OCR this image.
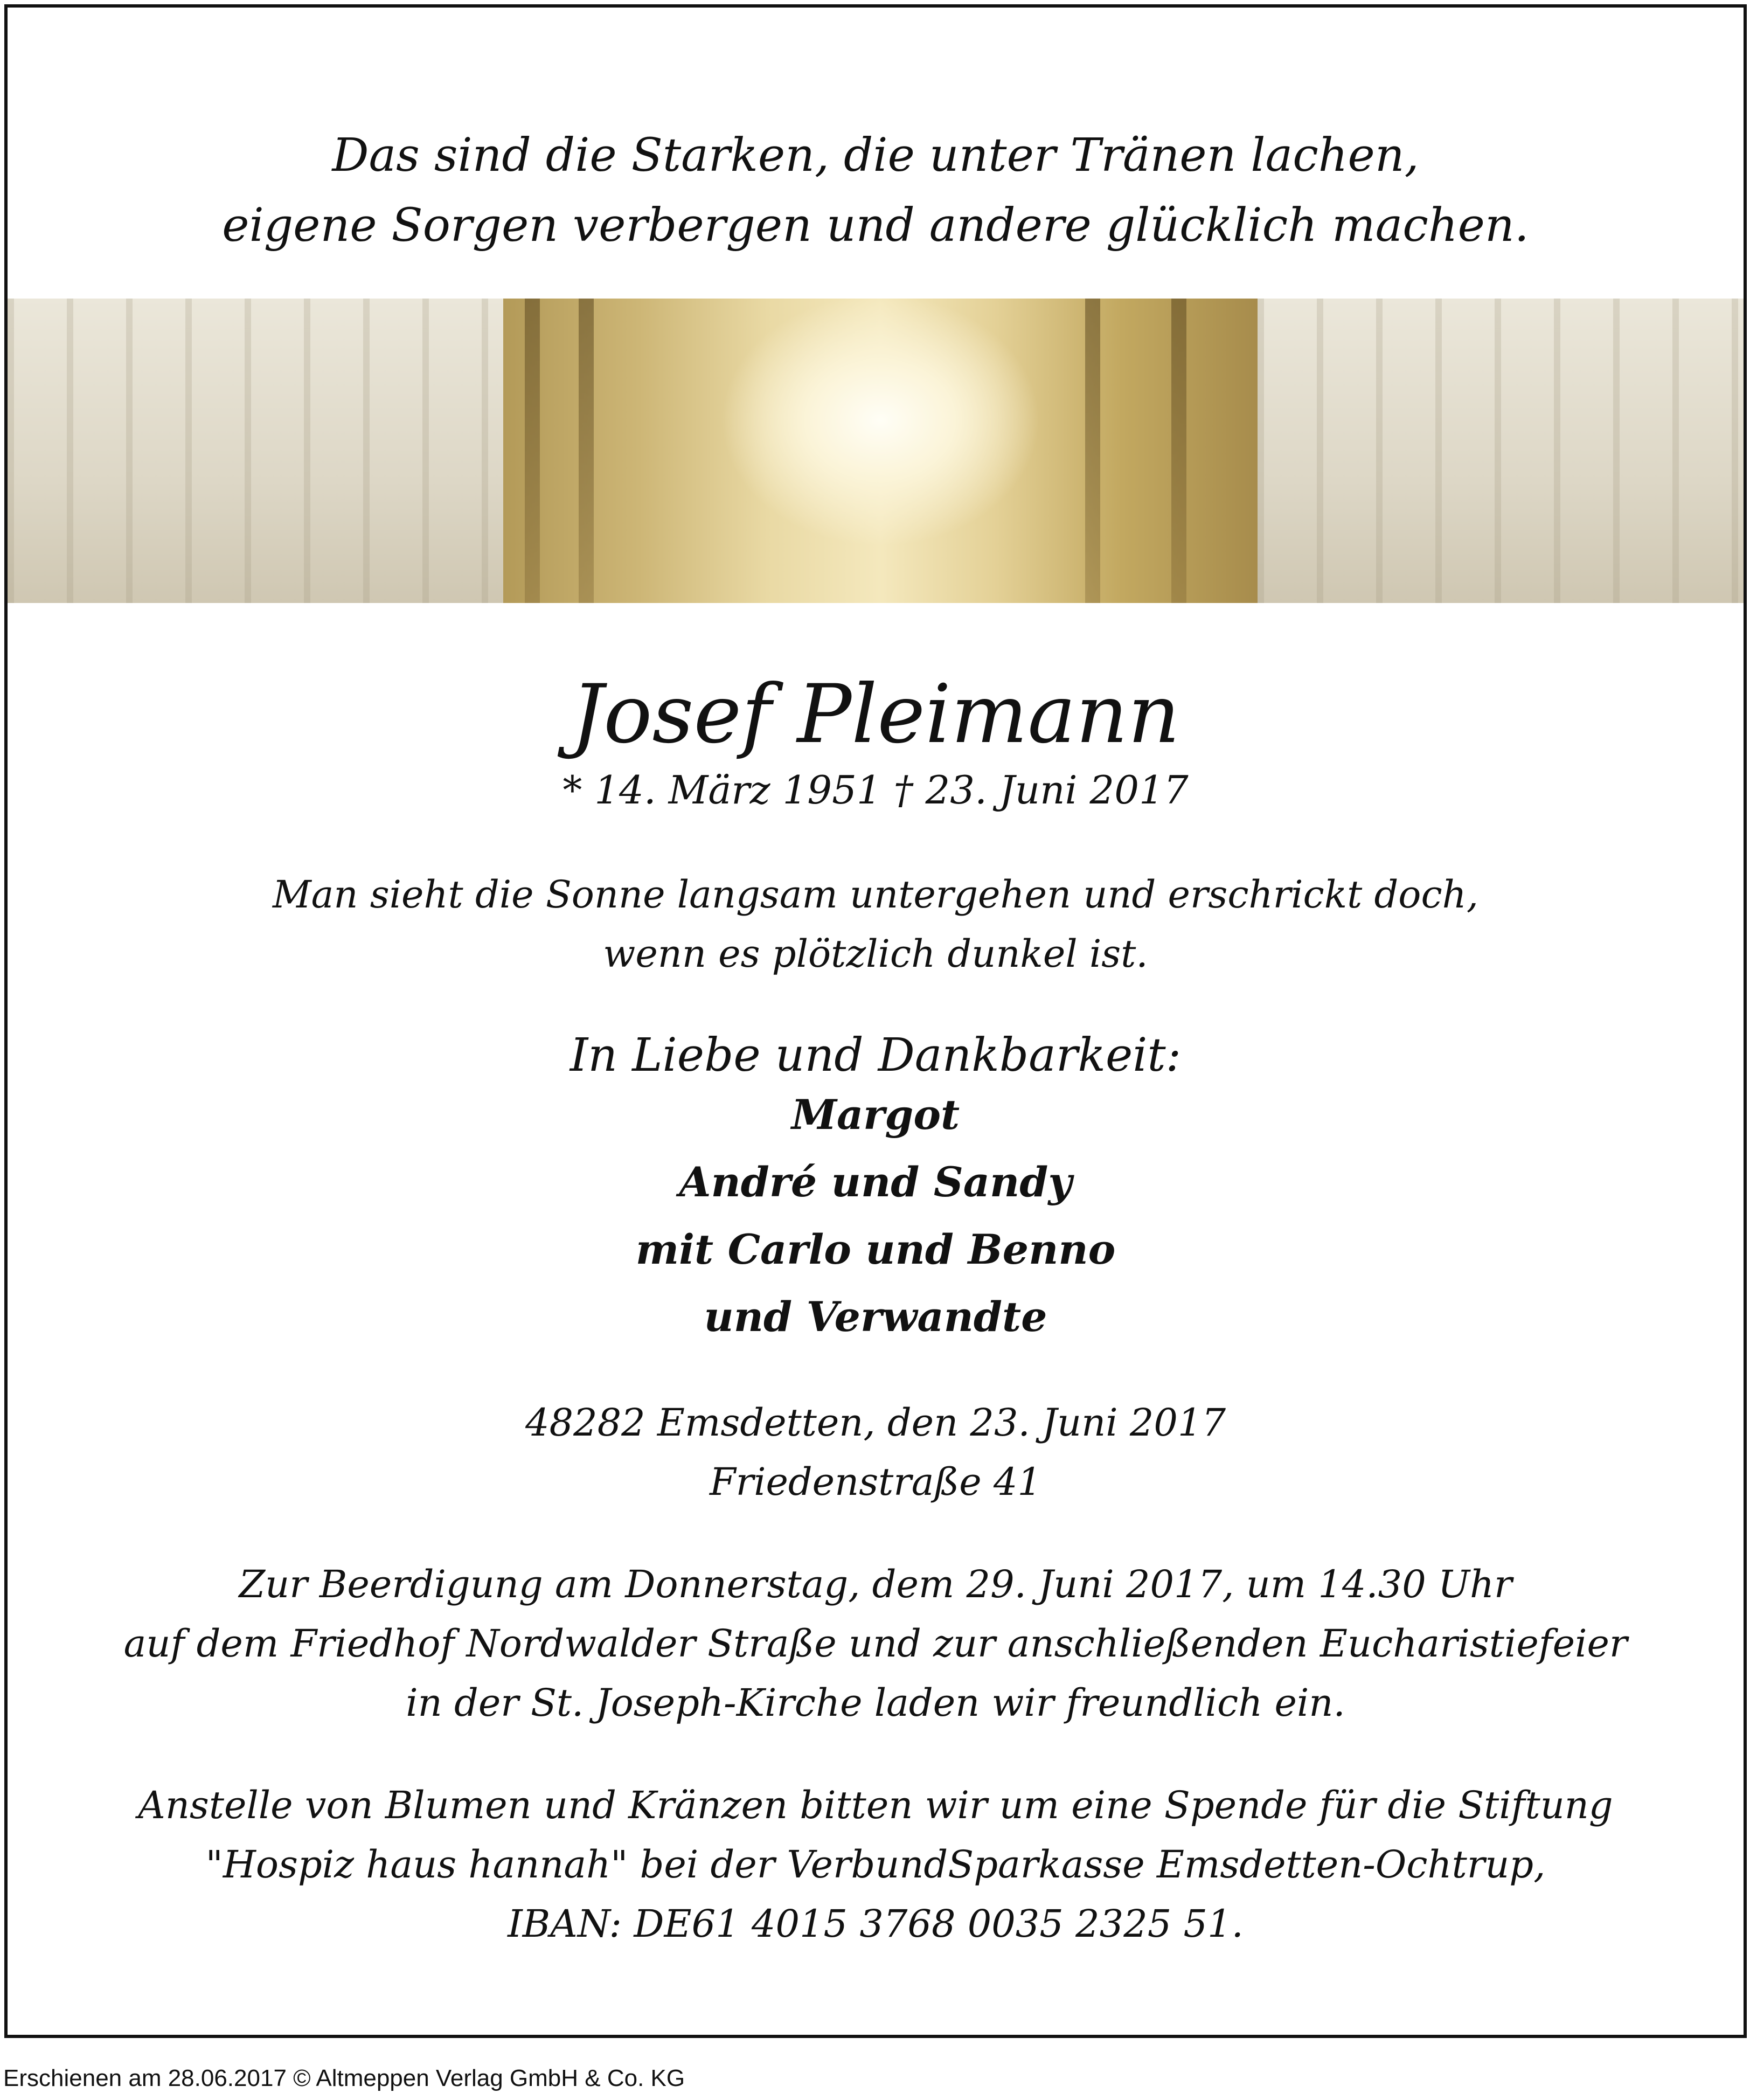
Das sind die Starken, die unter Tränen lachen,
eigene Sorgen verbergen und andere glücklich machen.
Josef Pleimann
* 14. März 1951 † 23. Juni 2017
Man sieht die Sonne langsam untergehen und erschrickt doch,
wenn es plötzlich dunkel ist.
In Liebe und Dankbarkeit:
Margot
André und Sandy
mit Carlo und Benno
und Verwandte
48282 Emsdetten, den 23. Juni 2017
Friedenstraße 41
Zur Beerdigung am Donnerstag, dem 29. Juni 2017, um 14.30 Uhr
auf dem Friedhof Nordwalder Straße und zur anschließenden Eucharistiefeier
in der St. Joseph-Kirche laden wir freundlich ein.
Anstelle von Blumen und Kränzen bitten wir um eine Spende für die Stiftung
"Hospiz haus hannah" bei der VerbundSparkasse Emsdetten-Ochtrup,
IBAN: DE61 4015 3768 0035 2325 51.
Erschienen am 28.06.2017 © Altmeppen Verlag GmbH & Co. KG
